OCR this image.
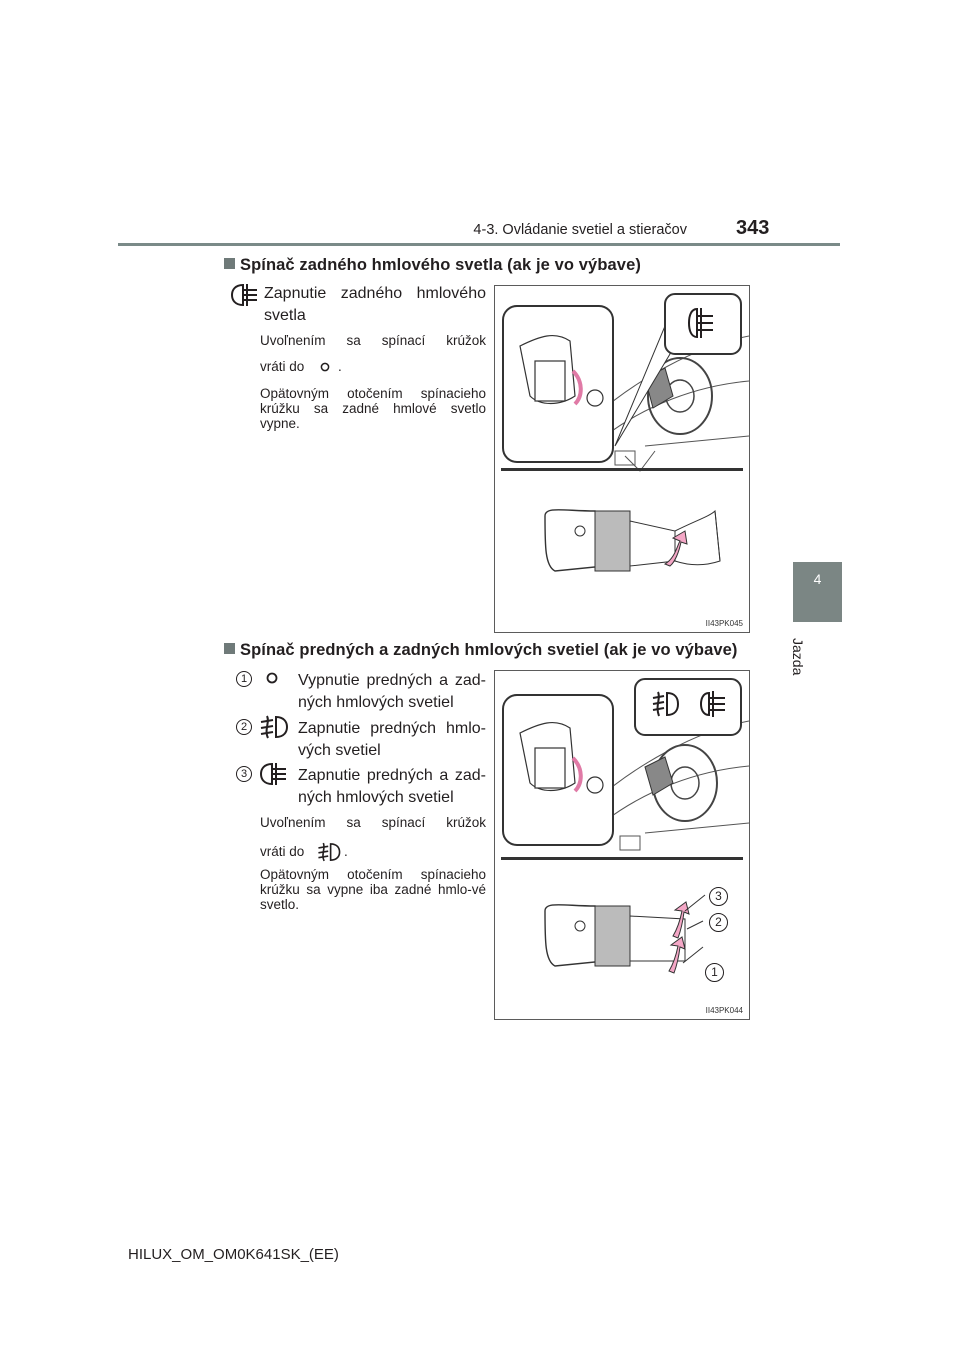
4-3. Ovládanie svetiel a stieračov 343
4
Jazda
Spínač zadného hmlového svetla (ak je vo výbave)
Zapnutie zadného hmlového
svetla
Uvoľnením sa spínací krúžok
vráti do	.
Opätovným otočením spínacieho krúžku sa zadné hmlové svetlo vypne.
II43PK045
Spínač predných a zadných hmlových svetiel (ak je vo výbave)
1	Vypnutie predných a zad-
ných hmlových svetiel
2	Zapnutie predných hmlo-
vých svetiel
3	Zapnutie predných a zad-
ných hmlových svetiel
Uvoľnením sa spínací krúžok
vráti do	.
Opätovným otočením spínacieho krúžku sa vypne iba zadné hmlo-vé svetlo.
3
2
1
II43PK044
HILUX_OM_OM0K641SK_(EE)
